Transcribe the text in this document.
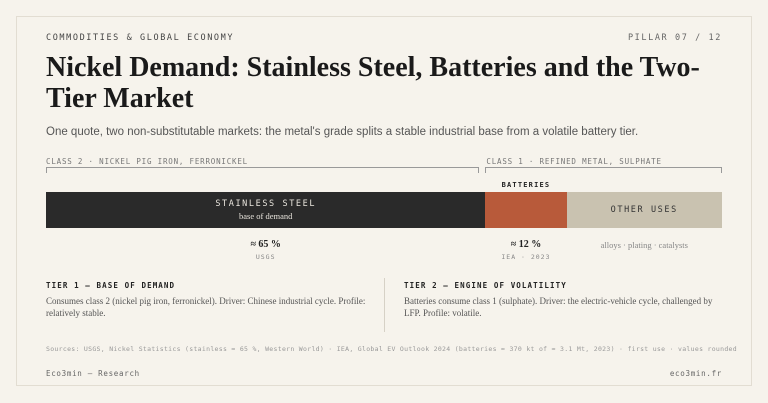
COMMODITIES & GLOBAL ECONOMY	PILLAR 07 / 12
Nickel Demand: Stainless Steel, Batteries and the Two-Tier Market

One quote, two non-substitutable markets: the metal's grade splits a stable industrial base from a volatile battery tier.

CLASS 2 · NICKEL PIG IRON, FERRONICKEL	CLASS 1 · REFINED METAL, SULPHATE
BATTERIES
STAINLESS STEEL
base of demand
OTHER USES
≈ 65 %
USGS
≈ 12 %
IEA · 2023
alloys · plating · catalysts
TIER 1 — BASE OF DEMAND
Consumes class 2 (nickel pig iron, ferronickel). Driver: Chinese industrial cycle. Profile: relatively stable.
TIER 2 — ENGINE OF VOLATILITY
Batteries consume class 1 (sulphate). Driver: the electric-vehicle cycle, challenged by LFP. Profile: volatile.
Sources: USGS, Nickel Statistics (stainless ≈ 65 %, Western World) · IEA, Global EV Outlook 2024 (batteries ≈ 370 kt of ≈ 3.1 Mt, 2023) · first use · values rounded
Eco3min — Research	eco3min.fr
